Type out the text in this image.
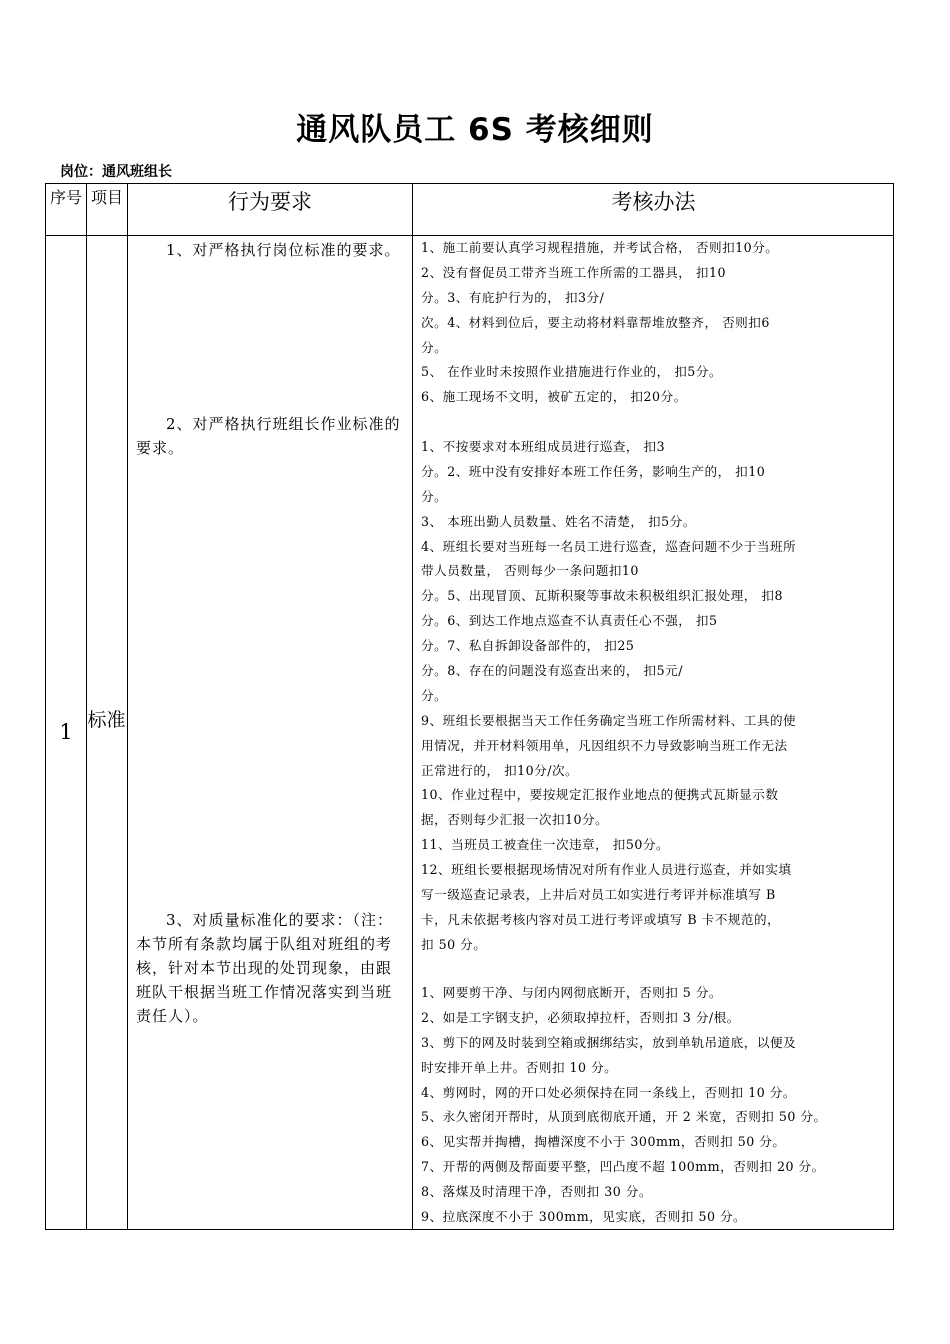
通风队员工 6S 考核细则
岗位：通风班组长
序号 项目	行为要求	考核办法
1 标准
1、对严格执行岗位标准的要求。
2、对严格执行班组长作业标准的要求。
3、对质量标准化的要求：（注：本节所有条款均属于队组对班组的考核，针对本节出现的处罚现象，由跟班队干根据当班工作情况落实到当班责任人）。
1、施工前要认真学习规程措施，并考试合格， 否则扣10分。
2、没有督促员工带齐当班工作所需的工器具， 扣10
分。3、有庇护行为的， 扣3分/
次。4、材料到位后，要主动将材料靠帮堆放整齐， 否则扣6
分。
5、 在作业时未按照作业措施进行作业的， 扣5分。
6、施工现场不文明，被矿五定的， 扣20分。
1、不按要求对本班组成员进行巡查， 扣3
分。2、班中没有安排好本班工作任务，影响生产的， 扣10
分。
3、 本班出勤人员数量、姓名不清楚， 扣5分。
4、班组长要对当班每一名员工进行巡查，巡查问题不少于当班所
带人员数量， 否则每少一条问题扣10
分。5、出现冒顶、瓦斯积聚等事故未积极组织汇报处理， 扣8
分。6、到达工作地点巡查不认真责任心不强， 扣5
分。7、私自拆卸设备部件的， 扣25
分。8、存在的问题没有巡查出来的， 扣5元/
分。
9、班组长要根据当天工作任务确定当班工作所需材料、工具的使
用情况，并开材料领用单，凡因组织不力导致影响当班工作无法
正常进行的， 扣10分/次。
10、作业过程中，要按规定汇报作业地点的便携式瓦斯显示数
据，否则每少汇报一次扣10分。
11、当班员工被查住一次违章， 扣50分。
12、班组长要根据现场情况对所有作业人员进行巡查，并如实填
写一级巡查记录表，上井后对员工如实进行考评并标准填写 B
卡，凡未依据考核内容对员工进行考评或填写 B 卡不规范的，
扣 50 分。
1、网要剪干净、与闭内网彻底断开，否则扣 5 分。
2、如是工字钢支护，必须取掉拉杆，否则扣 3 分/根。
3、剪下的网及时装到空箱或捆绑结实，放到单轨吊道底，以便及
时安排开单上井。否则扣 10 分。
4、剪网时，网的开口处必须保持在同一条线上，否则扣 10 分。
5、永久密闭开帮时，从顶到底彻底开通，开 2 米宽，否则扣 50 分。
6、见实帮并掏槽，掏槽深度不小于 300mm，否则扣 50 分。
7、开帮的两侧及帮面要平整，凹凸度不超 100mm，否则扣 20 分。
8、落煤及时清理干净，否则扣 30 分。
9、拉底深度不小于 300mm，见实底，否则扣 50 分。
